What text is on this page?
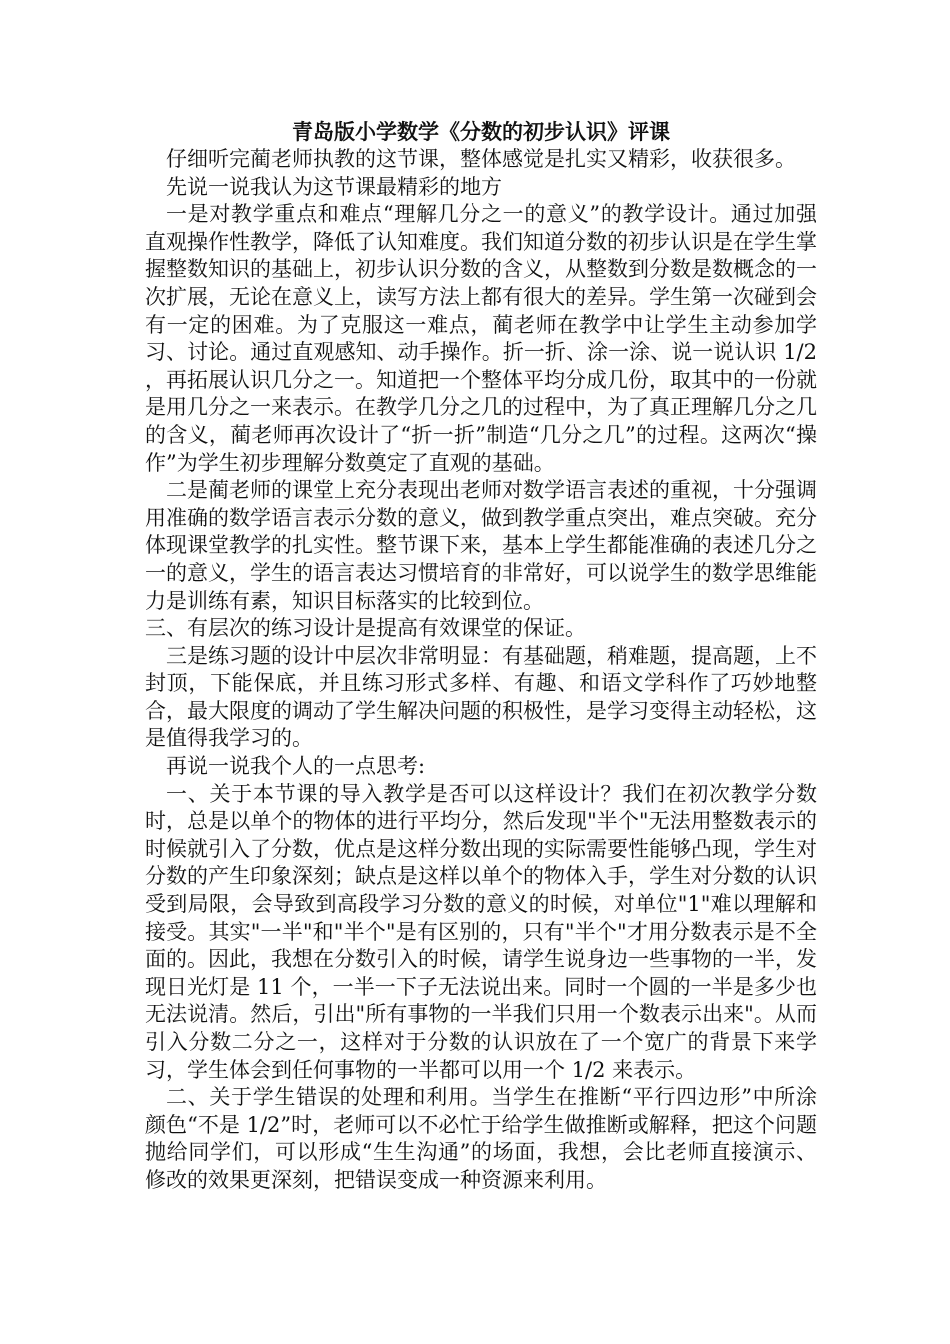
青岛版小学数学《分数的初步认识》评课

仔细听完蔺老师执教的这节课，整体感觉是扎实又精彩，收获很多。

先说一说我认为这节课最精彩的地方

一是对教学重点和难点“理解几分之一的意义”的教学设计。通过加强直观操作性教学，降低了认知难度。我们知道分数的初步认识是在学生掌握整数知识的基础上，初步认识分数的含义，从整数到分数是数概念的一次扩展，无论在意义上，读写方法上都有很大的差异。学生第一次碰到会有一定的困难。为了克服这一难点，蔺老师在教学中让学生主动参加学习、讨论。通过直观感知、动手操作。折一折、涂一涂、说一说认识 1/2 ，再拓展认识几分之一。知道把一个整体平均分成几份，取其中的一份就是用几分之一来表示。在教学几分之几的过程中，为了真正理解几分之几的含义，蔺老师再次设计了“折一折”制造“几分之几”的过程。这两次“操作”为学生初步理解分数奠定了直观的基础。

二是蔺老师的课堂上充分表现出老师对数学语言表述的重视，十分强调用准确的数学语言表示分数的意义，做到教学重点突出，难点突破。充分体现课堂教学的扎实性。整节课下来，基本上学生都能准确的表述几分之一的意义，学生的语言表达习惯培育的非常好，可以说学生的数学思维能力是训练有素，知识目标落实的比较到位。

三、有层次的练习设计是提高有效课堂的保证。

三是练习题的设计中层次非常明显：有基础题，稍难题，提高题，上不封顶，下能保底，并且练习形式多样、有趣、和语文学科作了巧妙地整合，最大限度的调动了学生解决问题的积极性，是学习变得主动轻松，这是值得我学习的。

再说一说我个人的一点思考:

一、关于本节课的导入教学是否可以这样设计？我们在初次教学分数时，总是以单个的物体的进行平均分，然后发现"半个"无法用整数表示的时候就引入了分数，优点是这样分数出现的实际需要性能够凸现，学生对分数的产生印象深刻；缺点是这样以单个的物体入手，学生对分数的认识受到局限，会导致到高段学习分数的意义的时候，对单位"1"难以理解和接受。其实"一半"和"半个"是有区别的，只有"半个"才用分数表示是不全面的。因此，我想在分数引入的时候，请学生说身边一些事物的一半，发现日光灯是 11 个，一半一下子无法说出来。同时一个圆的一半是多少也无法说清。然后，引出"所有事物的一半我们只用一个数表示出来"。从而引入分数二分之一，这样对于分数的认识放在了一个宽广的背景下来学习，学生体会到任何事物的一半都可以用一个 1/2 来表示。

二、关于学生错误的处理和利用。当学生在推断“平行四边形”中所涂颜色“不是 1/2”时，老师可以不必忙于给学生做推断或解释，把这个问题抛给同学们，可以形成“生生沟通”的场面，我想，会比老师直接演示、修改的效果更深刻，把错误变成一种资源来利用。
